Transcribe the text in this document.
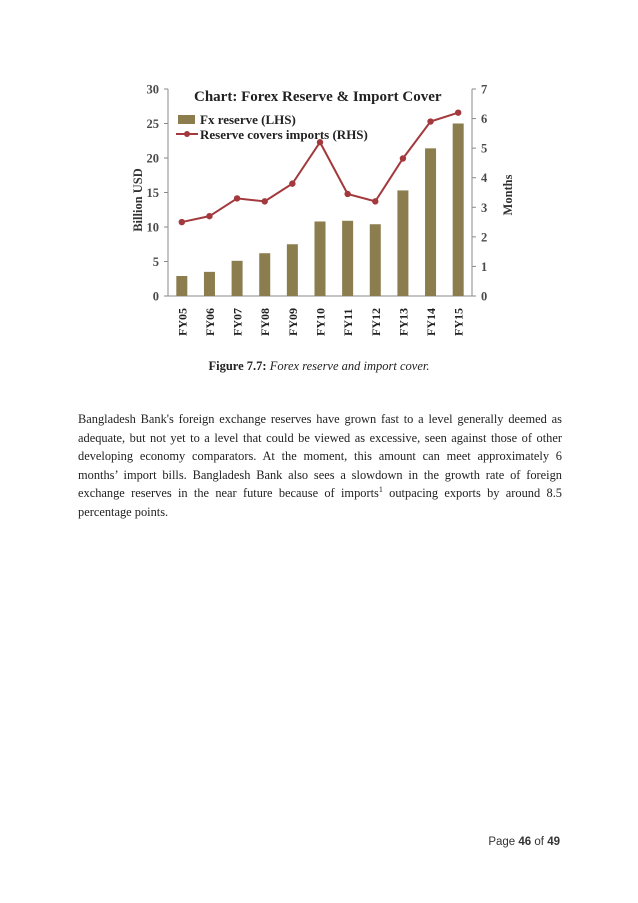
0
5
10
15
20
25
30
0
1
2
3
4
5
6
7
FY05 FY06 FY07 FY08 FY09 FY10 FY11 FY12 FY13 FY14 FY15
Chart: Forex Reserve & Import Cover
Fx reserve (LHS)
Reserve covers imports (RHS)
Billion USD	Months
Figure 7.7: Forex reserve and import cover.

Bangladesh Bank's foreign exchange reserves have grown fast to a level generally deemed as adequate, but not yet to a level that could be viewed as excessive, seen against those of other developing economy comparators. At the moment, this amount can meet approximately 6 months’ import bills. Bangladesh Bank also sees a slowdown in the growth rate of foreign exchange reserves in the near future because of imports$^1$ outpacing exports by around 8.5 percentage points.

Page 46 of 49
